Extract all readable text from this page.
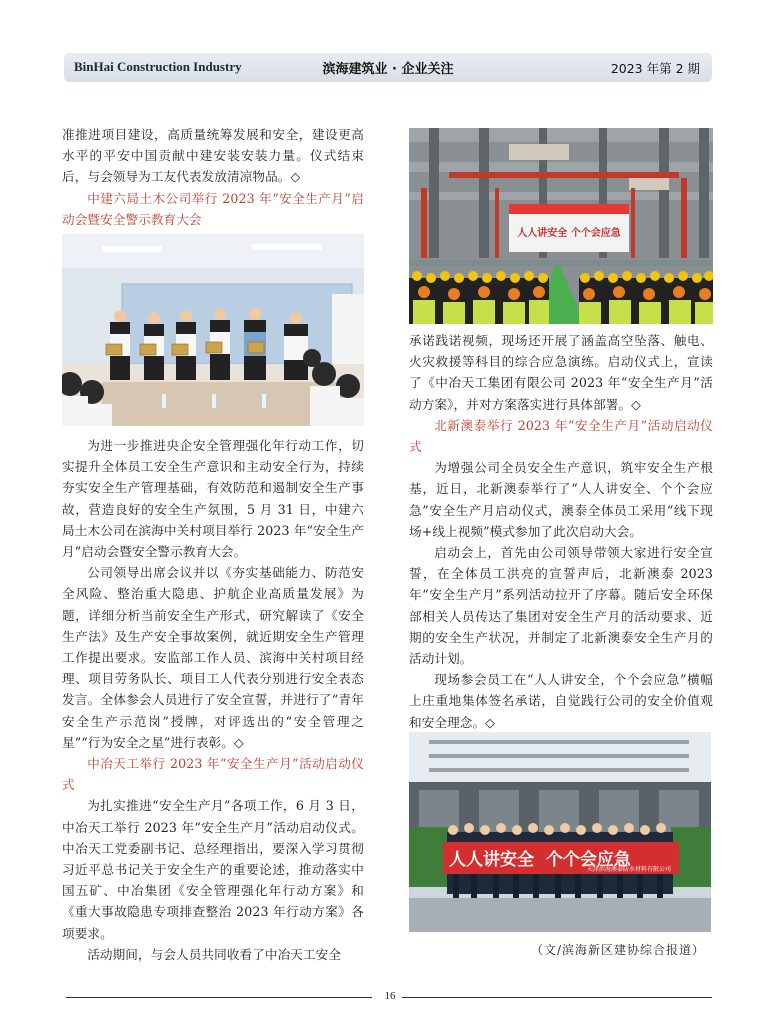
BinHai Construction Industry	滨海建筑业 · 企业关注	2023 年第 2 期

准推进项目建设，高质量统筹发展和安全，建设更高水平的平安中国贡献中建安装安装力量。仪式结束后，与会领导为工友代表发放清凉物品。◇

中建六局土木公司举行 2023 年“安全生产月”启动会暨安全警示教育大会

为进一步推进央企安全管理强化年行动工作，切实提升全体员工安全生产意识和主动安全行为，持续夯实安全生产管理基础，有效防范和遏制安全生产事故，营造良好的安全生产氛围，5 月 31 日，中建六局土木公司在滨海中关村项目举行 2023 年“安全生产月”启动会暨安全警示教育大会。

公司领导出席会议并以《夯实基础能力、防范安全风险、整治重大隐患、护航企业高质量发展》为题，详细分析当前安全生产形式，研究解读了《安全生产法》及生产安全事故案例，就近期安全生产管理工作提出要求。安监部工作人员、滨海中关村项目经理、项目劳务队长、项目工人代表分别进行安全表态发言。全体参会人员进行了安全宣誓，并进行了“青年安全生产示范岗”授牌，对评选出的“安全管理之星”“行为安全之星”进行表彰。◇

中冶天工举行 2023 年“安全生产月”活动启动仪式

为扎实推进“安全生产月”各项工作，6 月 3 日，中冶天工举行 2023 年“安全生产月”活动启动仪式。中冶天工党委副书记、总经理指出，要深入学习贯彻习近平总书记关于安全生产的重要论述，推动落实中国五矿、中冶集团《安全管理强化年行动方案》和《重大事故隐患专项排查整治 2023 年行动方案》各项要求。

活动期间，与会人员共同收看了中冶天工安全

人人讲安全 个个会应急

承诺践诺视频，现场还开展了涵盖高空坠落、触电、火灾救援等科目的综合应急演练。启动仪式上，宣读了《中冶天工集团有限公司 2023 年“安全生产月”活动方案》，并对方案落实进行具体部署。◇

北新澳泰举行 2023 年“安全生产月”活动启动仪式

为增强公司全员安全生产意识，筑牢安全生产根基，近日，北新澳泰举行了“人人讲安全、个个会应急”安全生产月启动仪式，澳泰全体员工采用“线下现场+线上视频”模式参加了此次启动大会。

启动会上，首先由公司领导带领大家进行安全宣誓，在全体员工洪亮的宣誓声后，北新澳泰 2023 年“安全生产月”系列活动拉开了序幕。随后安全环保部相关人员传达了集团对安全生产月的活动要求、近期的安全生产状况，并制定了北新澳泰安全生产月的活动计划。

现场参会员工在“人人讲安全，个个会应急”横幅上庄重地集体签名承诺，自觉践行公司的安全价值观和安全理念。◇

人人讲安全  个个会应急
天津滨海澳泰防水材料有限公司

（文/滨海新区建协综合报道）

16
